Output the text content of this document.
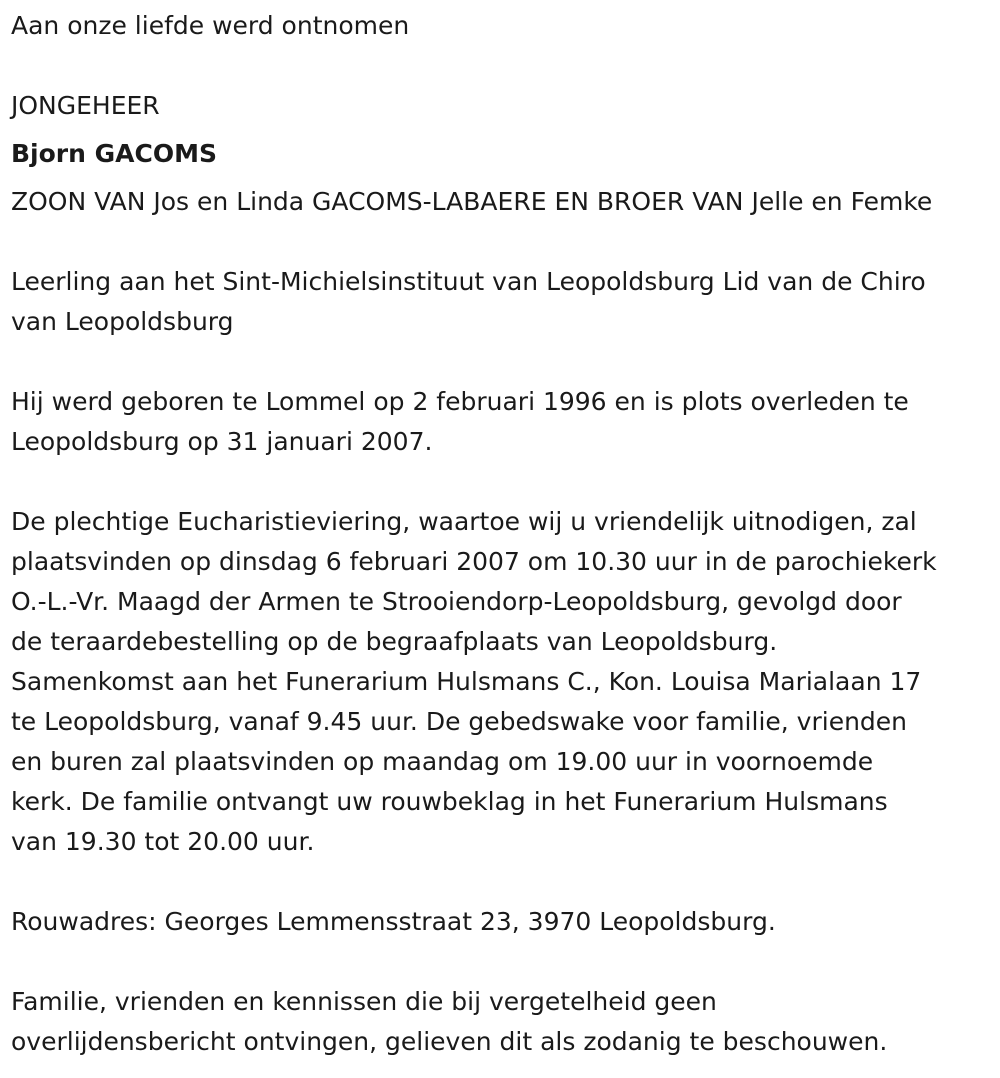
Aan onze liefde werd ontnomen

JONGEHEER

Bjorn GACOMS

ZOON VAN Jos en Linda GACOMS-LABAERE EN BROER VAN Jelle en Femke

Leerling aan het Sint-Michielsinstituut van Leopoldsburg Lid van de Chiro

van Leopoldsburg

Hij werd geboren te Lommel op 2 februari 1996 en is plots overleden te

Leopoldsburg op 31 januari 2007.

De plechtige Eucharistieviering, waartoe wij u vriendelijk uitnodigen, zal

plaatsvinden op dinsdag 6 februari 2007 om 10.30 uur in de parochiekerk

O.-L.-Vr. Maagd der Armen te Strooiendorp-Leopoldsburg, gevolgd door

de teraardebestelling op de begraafplaats van Leopoldsburg.

Samenkomst aan het Funerarium Hulsmans C., Kon. Louisa Marialaan 17

te Leopoldsburg, vanaf 9.45 uur. De gebedswake voor familie, vrienden

en buren zal plaatsvinden op maandag om 19.00 uur in voornoemde

kerk. De familie ontvangt uw rouwbeklag in het Funerarium Hulsmans

van 19.30 tot 20.00 uur.

Rouwadres: Georges Lemmensstraat 23, 3970 Leopoldsburg.

Familie, vrienden en kennissen die bij vergetelheid geen

overlijdensbericht ontvingen, gelieven dit als zodanig te beschouwen.
